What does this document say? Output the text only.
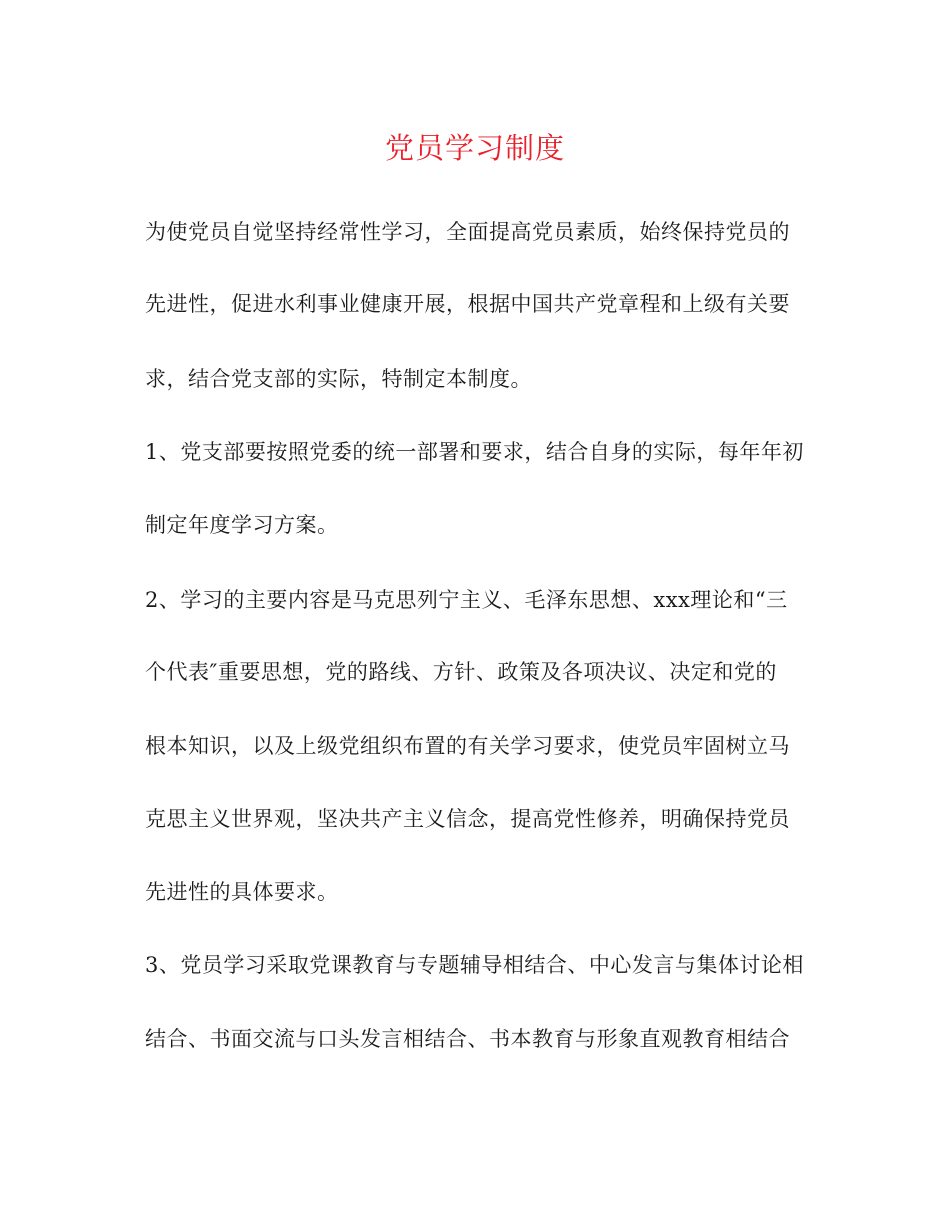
党员学习制度
为使党员自觉坚持经常性学习，全面提高党员素质，始终保持党员的
先进性，促进水利事业健康开展，根据中国共产党章程和上级有关要
求，结合党支部的实际，特制定本制度。
1、党支部要按照党委的统一部署和要求，结合自身的实际，每年年初
制定年度学习方案。
2、学习的主要内容是马克思列宁主义、毛泽东思想、xxx理论和“三
个代表″重要思想，党的路线、方针、政策及各项决议、决定和党的
根本知识，以及上级党组织布置的有关学习要求，使党员牢固树立马
克思主义世界观，坚决共产主义信念，提高党性修养，明确保持党员
先进性的具体要求。
3、党员学习采取党课教育与专题辅导相结合、中心发言与集体讨论相
结合、书面交流与口头发言相结合、书本教育与形象直观教育相结合
